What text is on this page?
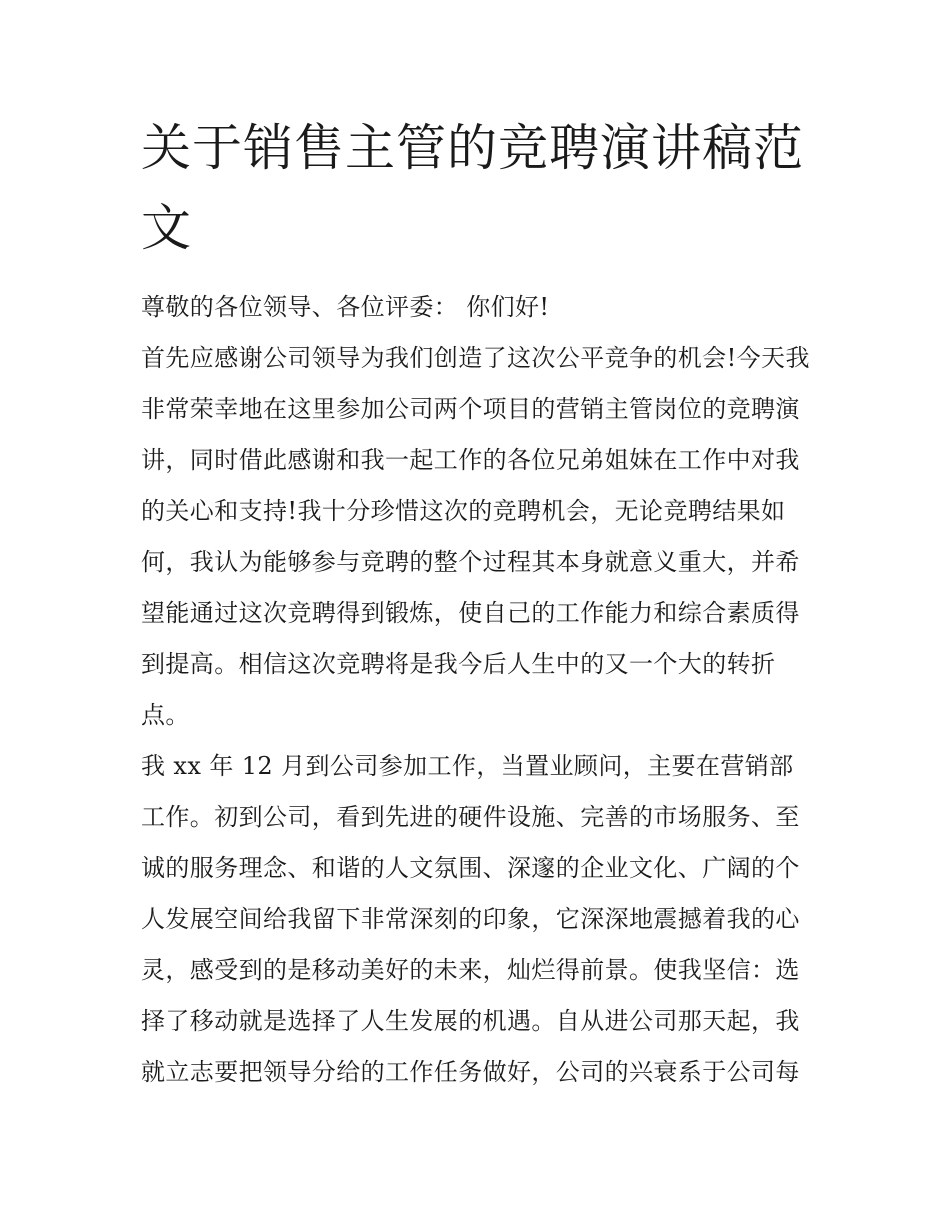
关于销售主管的竞聘演讲稿范文

尊敬的各位领导、各位评委： 你们好!

首先应感谢公司领导为我们创造了这次公平竞争的机会!今天我非常荣幸地在这里参加公司两个项目的营销主管岗位的竞聘演讲，同时借此感谢和我一起工作的各位兄弟姐妹在工作中对我的关心和支持!我十分珍惜这次的竞聘机会，无论竞聘结果如何，我认为能够参与竞聘的整个过程其本身就意义重大，并希望能通过这次竞聘得到锻炼，使自己的工作能力和综合素质得到提高。相信这次竞聘将是我今后人生中的又一个大的转折点。

我 xx 年 12 月到公司参加工作，当置业顾问，主要在营销部工作。初到公司，看到先进的硬件设施、完善的市场服务、至诚的服务理念、和谐的人文氛围、深邃的企业文化、广阔的个人发展空间给我留下非常深刻的印象，它深深地震撼着我的心灵，感受到的是移动美好的未来，灿烂得前景。使我坚信：选择了移动就是选择了人生发展的机遇。自从进公司那天起，我就立志要把领导分给的工作任务做好，公司的兴衰系于公司每
